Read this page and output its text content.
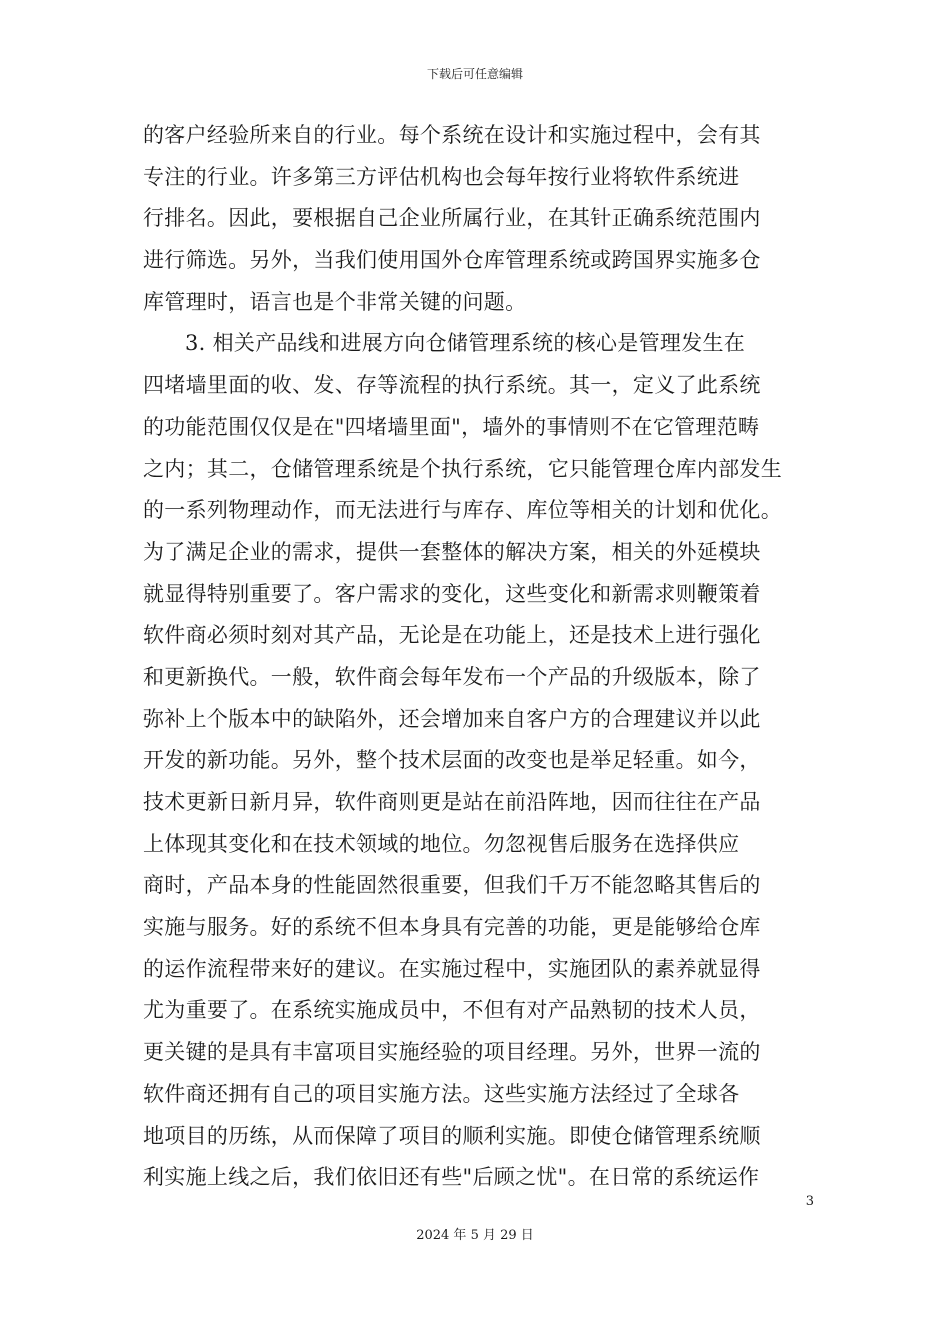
下载后可任意编辑
的客户经验所来自的行业。每个系统在设计和实施过程中，会有其
专注的行业。许多第三方评估机构也会每年按行业将软件系统进
行排名。因此，要根据自己企业所属行业，在其针正确系统范围内
进行筛选。另外，当我们使用国外仓库管理系统或跨国界实施多仓
库管理时，语言也是个非常关键的问题。
3. 相关产品线和进展方向仓储管理系统的核心是管理发生在
四堵墙里面的收、发、存等流程的执行系统。其一，定义了此系统
的功能范围仅仅是在"四堵墙里面"，墙外的事情则不在它管理范畴
之内；其二，仓储管理系统是个执行系统，它只能管理仓库内部发生
的一系列物理动作，而无法进行与库存、库位等相关的计划和优化。
为了满足企业的需求，提供一套整体的解决方案，相关的外延模块
就显得特别重要了。客户需求的变化，这些变化和新需求则鞭策着
软件商必须时刻对其产品，无论是在功能上，还是技术上进行强化
和更新换代。一般，软件商会每年发布一个产品的升级版本，除了
弥补上个版本中的缺陷外，还会增加来自客户方的合理建议并以此
开发的新功能。另外，整个技术层面的改变也是举足轻重。如今，
技术更新日新月异，软件商则更是站在前沿阵地，因而往往在产品
上体现其变化和在技术领域的地位。勿忽视售后服务在选择供应
商时，产品本身的性能固然很重要，但我们千万不能忽略其售后的
实施与服务。好的系统不但本身具有完善的功能，更是能够给仓库
的运作流程带来好的建议。在实施过程中，实施团队的素养就显得
尤为重要了。在系统实施成员中，不但有对产品熟韧的技术人员，
更关键的是具有丰富项目实施经验的项目经理。另外，世界一流的
软件商还拥有自己的项目实施方法。这些实施方法经过了全球各
地项目的历练，从而保障了项目的顺利实施。即使仓储管理系统顺
利实施上线之后，我们依旧还有些"后顾之忧"。在日常的系统运作
3
2024 年 5 月 29 日
